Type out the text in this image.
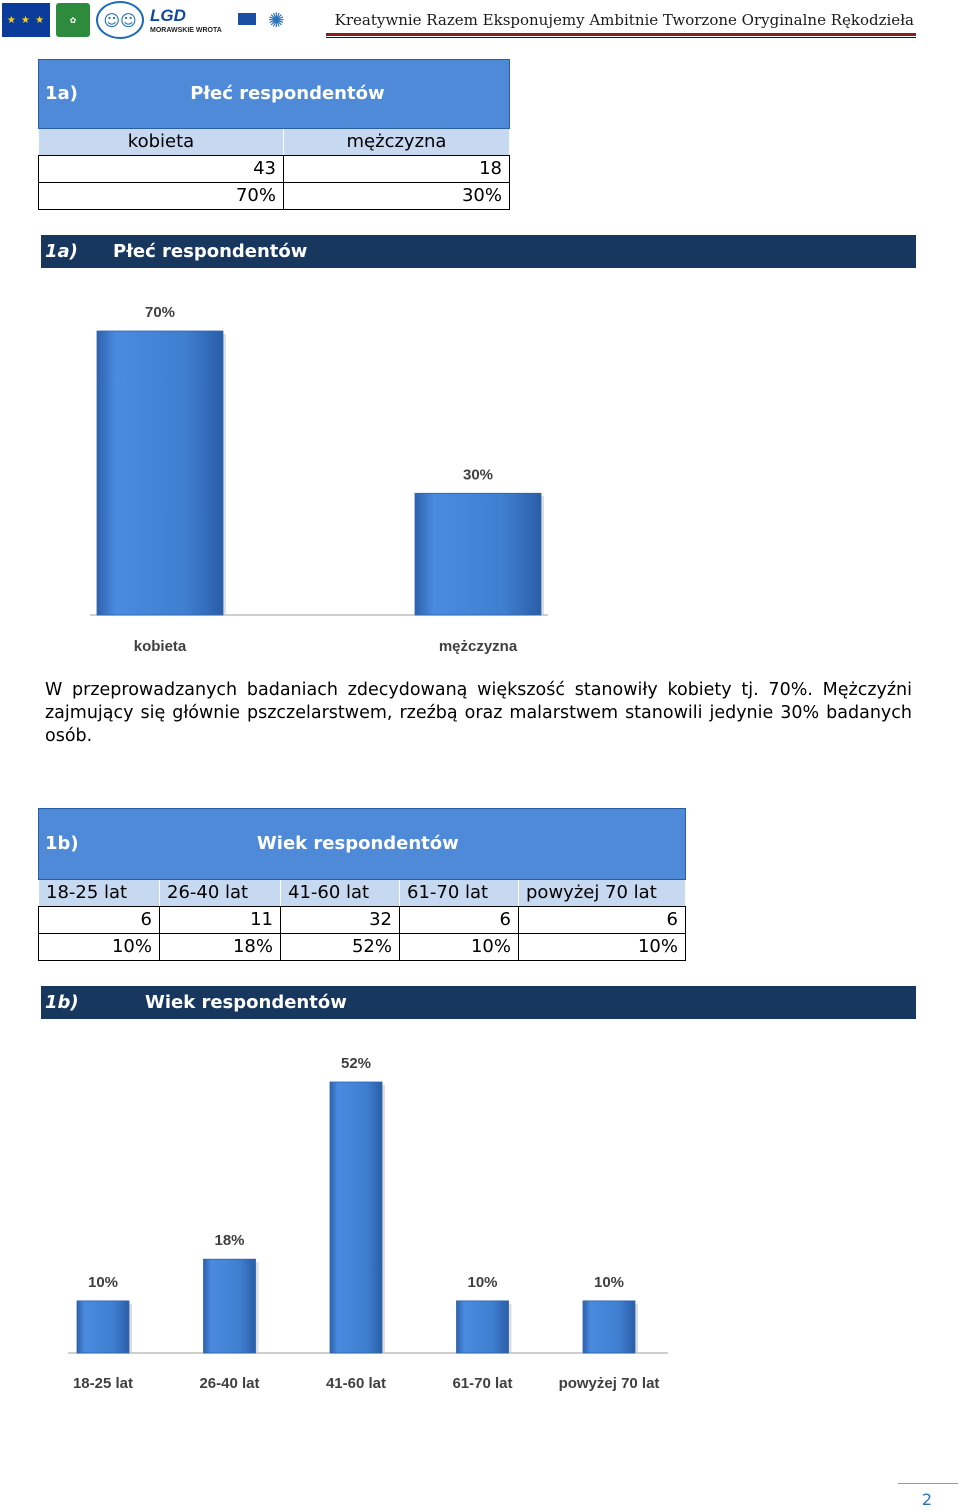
★ ★ ★	✿	☺☺ LGD
MORAWSKIE WROTA ✺	Kreatywnie Razem Eksponujemy Ambitnie Tworzone Oryginalne Rękodzieła
1a) Płeć respondentów	
kobieta	mężczyzna
43	18
70%	30%
1a) Płeć respondentów
70%
kobieta
30%
mężczyzna
W przeprowadzanych badaniach zdecydowaną większość stanowiły kobiety tj. 70%. Mężczyźni zajmujący się głównie pszczelarstwem, rzeźbą oraz malarstwem stanowili jedynie 30% badanych osób.
1b) Wiek respondentów				
18-25 lat	26-40 lat	41-60 lat	61-70 lat	powyżej 70 lat
6	11	32	6	6
10%	18%	52%	10%	10%
1b)	Wiek respondentów
10%
18-25 lat
18%
26-40 lat
52%
41-60 lat
10%
61-70 lat
10%
powyżej 70 lat
2
